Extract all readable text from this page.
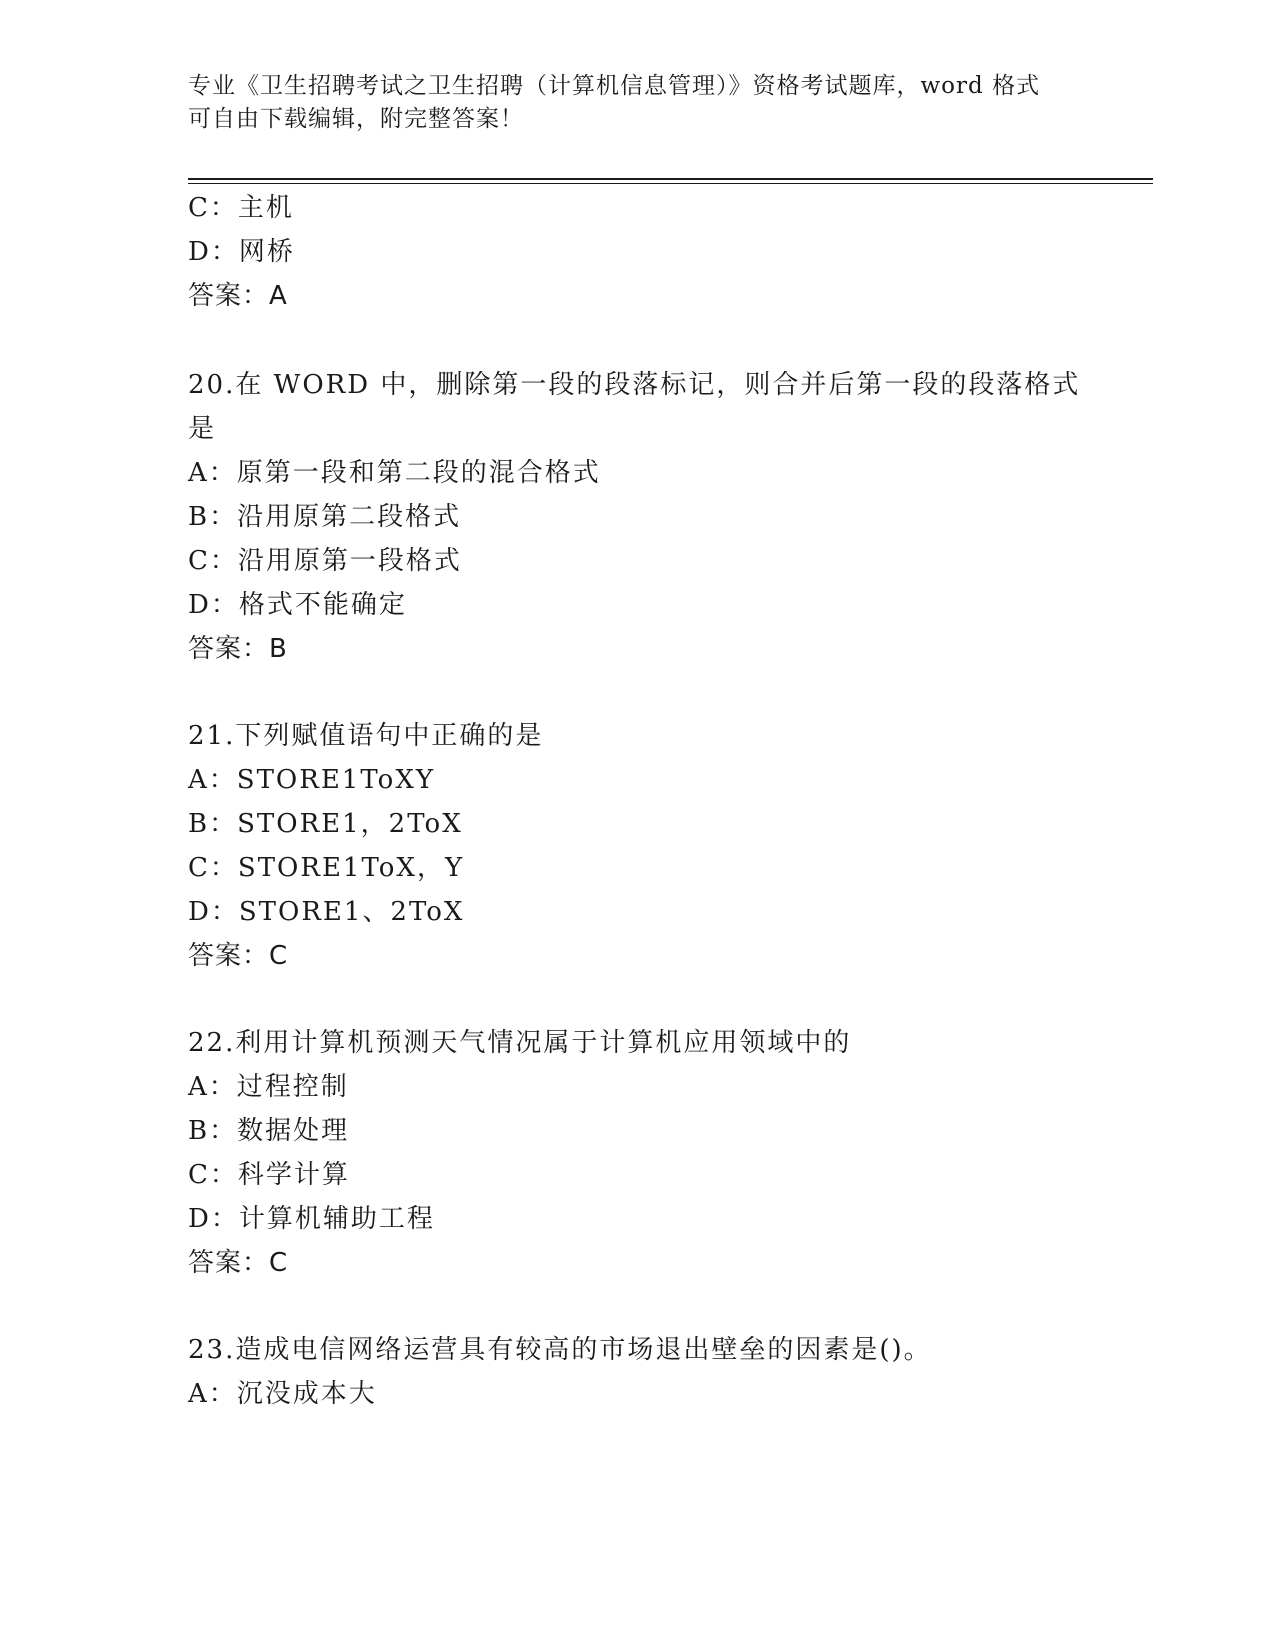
专业《卫生招聘考试之卫生招聘（计算机信息管理）》资格考试题库，word 格式
可自由下载编辑，附完整答案！
C：主机
D：网桥
答案：A
20.在 WORD 中，删除第一段的段落标记，则合并后第一段的段落格式
是
A：原第一段和第二段的混合格式
B：沿用原第二段格式
C：沿用原第一段格式
D：格式不能确定
答案：B
21.下列赋值语句中正确的是
A：STORE1ToXY
B：STORE1，2ToX
C：STORE1ToX，Y
D：STORE1、2ToX
答案：C
22.利用计算机预测天气情况属于计算机应用领域中的
A：过程控制
B：数据处理
C：科学计算
D：计算机辅助工程
答案：C
23.造成电信网络运营具有较高的市场退出壁垒的因素是()。
A：沉没成本大
